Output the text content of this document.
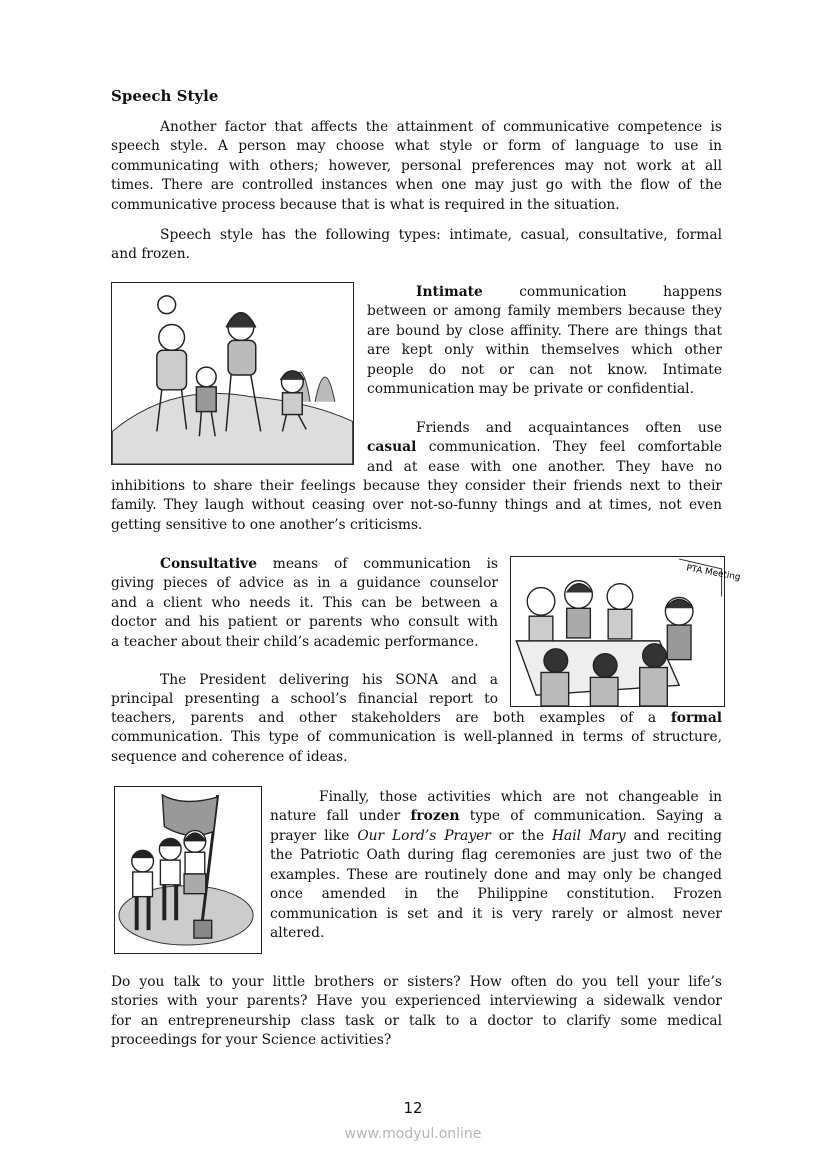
Speech Style
Another factor that affects the attainment of communicative competence is
speech style. A person may choose what style or form of language to use in
communicating with others; however, personal preferences may not work at all
times. There are controlled instances when one may just go with the flow of the
communicative process because that is what is required in the situation.
Speech style has the following types: intimate, casual, consultative, formal
and frozen.
Intimate communication happens
between or among family members because they
are bound by close affinity. There are things that
are kept only within themselves which other
people do not or can not know. Intimate
communication may be private or confidential.
Friends and acquaintances often use
casual communication. They feel comfortable
and at ease with one another. They have no
inhibitions to share their feelings because they consider their friends next to their
family. They laugh without ceasing over not-so-funny things and at times, not even
getting sensitive to one another’s criticisms.
Consultative means of communication is
giving pieces of advice as in a guidance counselor
and a client who needs it. This can be between a
doctor and his patient or parents who consult with
a teacher about their child’s academic performance.
The President delivering his SONA and a
principal presenting a school’s financial report to
teachers, parents and other stakeholders are both examples of a formal
communication. This type of communication is well-planned in terms of structure,
sequence and coherence of ideas.
Finally, those activities which are not changeable in
nature fall under frozen type of communication. Saying a
prayer like Our Lord’s Prayer or the Hail Mary and reciting
the Patriotic Oath during flag ceremonies are just two of the
examples. These are routinely done and may only be changed
once amended in the Philippine constitution. Frozen
communication is set and it is very rarely or almost never
altered.
Do you talk to your little brothers or sisters? How often do you tell your life’s
stories with your parents? Have you experienced interviewing a sidewalk vendor
for an entrepreneurship class task or talk to a doctor to clarify some medical
proceedings for your Science activities?
PTA Meeting
12
www.modyul.online
